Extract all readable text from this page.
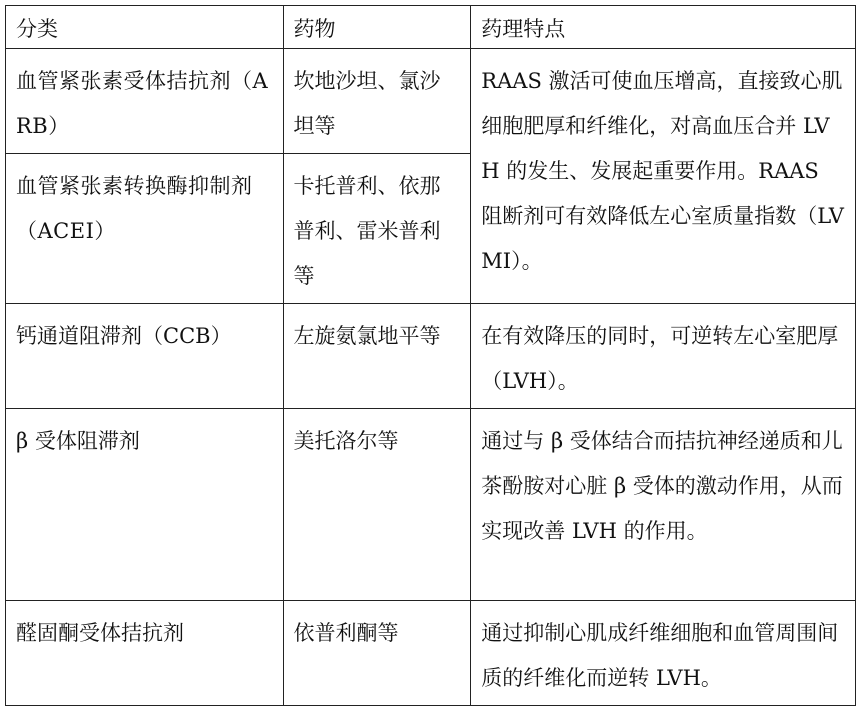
分类	药物	药理特点
血管紧张素受体拮抗剂（ARB）	坎地沙坦、氯沙坦等	RAAS 激活可使血压增高，直接致心肌细胞肥厚和纤维化，对高血压合并 LVH 的发生、发展起重要作用。RAAS 阻断剂可有效降低左心室质量指数（LVMI）。
血管紧张素转换酶抑制剂（ACEI）	卡托普利、依那普利、雷米普利等	
钙通道阻滞剂（CCB）	左旋氨氯地平等	在有效降压的同时，可逆转左心室肥厚（LVH）。
β 受体阻滞剂	美托洛尔等	通过与 β 受体结合而拮抗神经递质和儿茶酚胺对心脏 β 受体的激动作用，从而实现改善 LVH 的作用。
醛固酮受体拮抗剂	依普利酮等	通过抑制心肌成纤维细胞和血管周围间质的纤维化而逆转 LVH。
